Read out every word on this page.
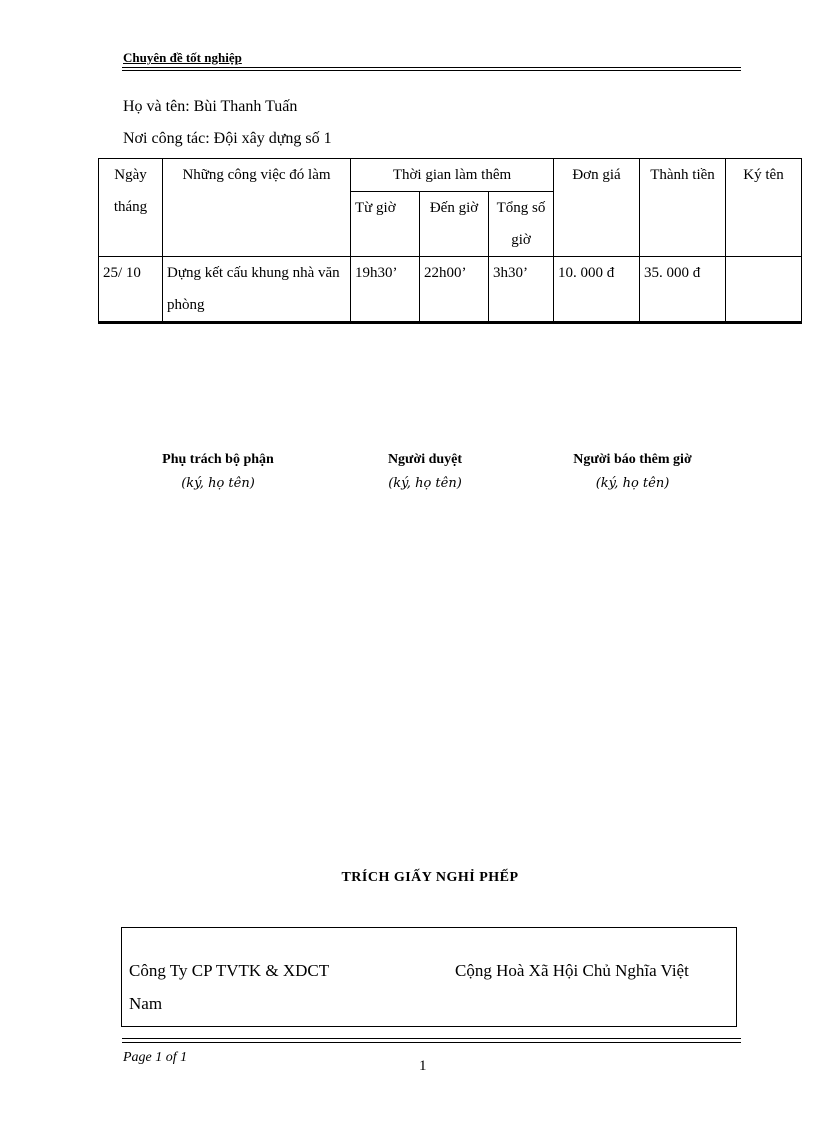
Chuyên đề tốt nghiệp
Họ và tên: Bùi Thanh Tuấn
Nơi công tác: Đội xây dựng số 1
Ngày tháng	Những công việc đó làm	Thời gian làm thêm			Đơn giá	Thành tiền	Ký tên
		Từ giờ	Đến giờ	Tổng số giờ			
25/ 10	Dựng kết cấu khung nhà văn phòng	19h30’	22h00’	3h30’	10. 000 đ	35. 000 đ	

Phụ trách bộ phận
(ký, họ tên)
Người duyệt
(ký, họ tên)
Người báo thêm giờ
(ký, họ tên)
TRÍCH GIẤY NGHỈ PHẾP
Công Ty CP TVTK & XDCT	Cộng Hoà Xã Hội Chủ Nghĩa Việt
Nam
Page 1 of 1
1
